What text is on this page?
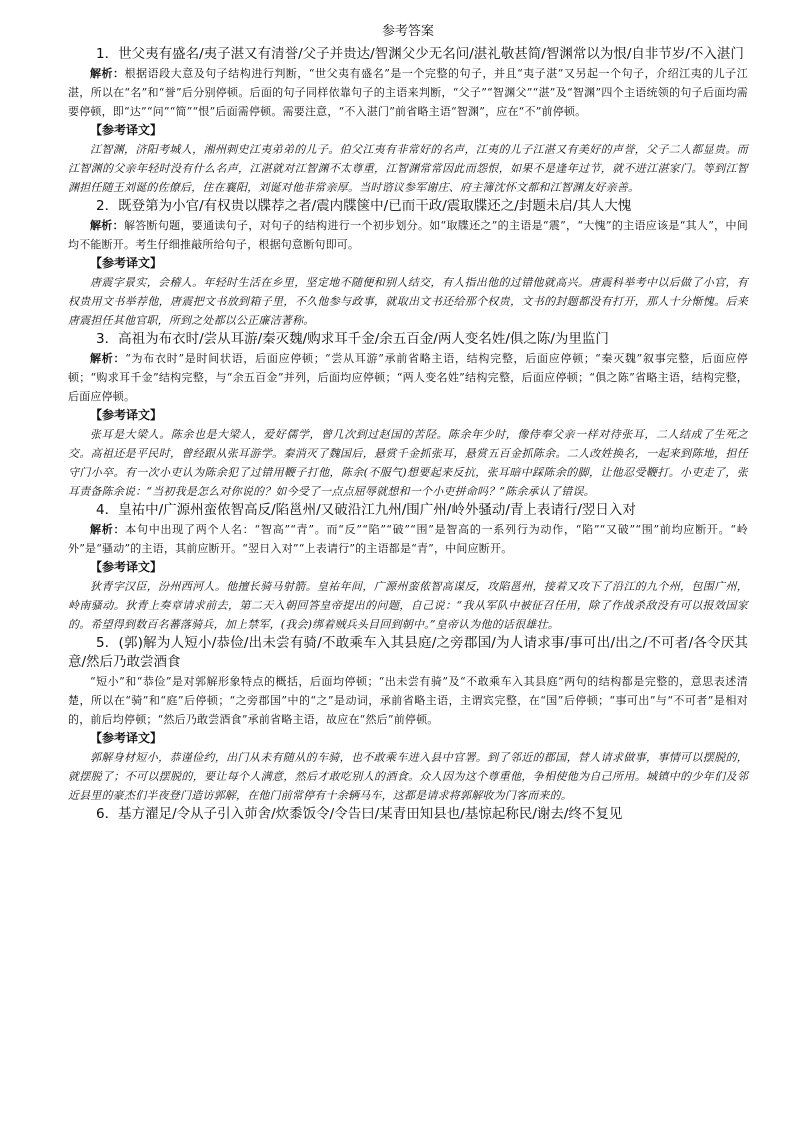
参考答案

1．世父夷有盛名/夷子湛又有清誉/父子并贵达/智渊父少无名问/湛礼敬甚简/智渊常以为恨/自非节岁/不入湛门

解析：根据语段大意及句子结构进行判断，“世父夷有盛名”是一个完整的句子，并且“夷子湛”又另起一个句子，介绍江夷的儿子江湛，所以在“名”和“誉”后分别停顿。后面的句子同样依靠句子的主语来判断，“父子”“智渊父”“湛”及“智渊”四个主语统领的句子后面均需要停顿，即“达”“问”“简”“恨”后面需停顿。需要注意，“不入湛门”前省略主语“智渊”，应在“不”前停顿。

【参考译文】

江智渊，济阳考城人，湘州刺史江夷弟弟的儿子。伯父江夷有非常好的名声，江夷的儿子江湛又有美好的声誉，父子二人都显贵。而江智渊的父亲年轻时没有什么名声，江湛就对江智渊不太尊重，江智渊常常因此而怨恨，如果不是逢年过节，就不进江湛家门。等到江智渊担任随王刘诞的佐僚后，住在襄阳，刘诞对他非常亲厚。当时谘议参军谢庄、府主簿沈怀文都和江智渊友好亲善。

2．既登第为小官/有权贵以牒荐之者/震内牒箧中/已而干政/震取牒还之/封题未启/其人大愧

解析：解答断句题，要通读句子，对句子的结构进行一个初步划分。如“取牒还之”的主语是“震”，“大愧”的主语应该是“其人”，中间均不能断开。考生仔细推敲所给句子，根据句意断句即可。

【参考译文】

唐震字景实，会稽人。年轻时生活在乡里，坚定地不随便和别人结交，有人指出他的过错他就高兴。唐震科举考中以后做了小官，有权贵用文书举荐他，唐震把文书放到箱子里，不久他参与政事，就取出文书还给那个权贵，文书的封题都没有打开，那人十分惭愧。后来唐震担任其他官职，所到之处都以公正廉洁著称。

3．高祖为布衣时/尝从耳游/秦灭魏/购求耳千金/余五百金/两人变名姓/俱之陈/为里监门

解析：“为布衣时”是时间状语，后面应停顿；“尝从耳游”承前省略主语，结构完整，后面应停顿；“秦灭魏”叙事完整，后面应停顿；“购求耳千金”结构完整，与“余五百金”并列，后面均应停顿；“两人变名姓”结构完整，后面应停顿；“俱之陈”省略主语，结构完整，后面应停顿。

【参考译文】

张耳是大梁人。陈余也是大梁人，爱好儒学，曾几次到过赵国的苦陉。陈余年少时，像侍奉父亲一样对待张耳，二人结成了生死之交。高祖还是平民时，曾经跟从张耳游学。秦消灭了魏国后，悬赏千金抓张耳，悬赏五百金抓陈余。二人改姓换名，一起来到陈地，担任守门小卒。有一次小吏认为陈余犯了过错用鞭子打他，陈余(不服气)想要起来反抗，张耳暗中踩陈余的脚，让他忍受鞭打。小吏走了，张耳责备陈余说：“当初我是怎么对你说的？如今受了一点点屈辱就想和一个小吏拼命吗？”陈余承认了错误。

4．皇祐中/广源州蛮侬智高反/陷邕州/又破沿江九州/围广州/岭外骚动/青上表请行/翌日入对

解析：本句中出现了两个人名：“智高”“青”。而“反”“陷”“破”“围”是智高的一系列行为动作，“陷”“又破”“围”前均应断开。“岭外”是“骚动”的主语，其前应断开。“翌日入对”“上表请行”的主语都是“青”，中间应断开。

【参考译文】

狄青字汉臣，汾州西河人。他擅长骑马射箭。皇祐年间，广源州蛮侬智高谋反，攻陷邕州，接着又攻下了沿江的九个州，包围广州，岭南骚动。狄青上奏章请求前去，第二天入朝回答皇帝提出的问题，自己说：“我从军队中被征召任用，除了作战杀敌没有可以报效国家的。希望得到数百名蕃落骑兵，加上禁军，(我会)绑着贼兵头目回到朝中。”皇帝认为他的话很雄壮。

5．(郭)解为人短小/恭俭/出未尝有骑/不敢乘车入其县庭/之旁郡国/为人请求事/事可出/出之/不可者/各令厌其意/然后乃敢尝酒食

“短小”和“恭俭”是对郭解形象特点的概括，后面均停顿；“出未尝有骑”及“不敢乘车入其县庭”两句的结构都是完整的，意思表述清楚，所以在“骑”和“庭”后停顿；“之旁郡国”中的“之”是动词，承前省略主语，主谓宾完整，在“国”后停顿；“事可出”与“不可者”是相对的，前后均停顿；“然后乃敢尝酒食”承前省略主语，故应在“然后”前停顿。

【参考译文】

郭解身材短小，恭谨俭约，出门从未有随从的车骑，也不敢乘车进入县中官署。到了邻近的郡国，替人请求做事，事情可以摆脱的，就摆脱了；不可以摆脱的，要让每个人满意，然后才敢吃别人的酒食。众人因为这个尊重他，争相使他为自己所用。城镇中的少年们及邻近县里的豪杰们半夜登门造访郭解，在他门前常停有十余辆马车，这都是请求将郭解收为门客而来的。

6．基方濯足/令从子引入茆舍/炊黍饭令/令告曰/某青田知县也/基惊起称民/谢去/终不复见
